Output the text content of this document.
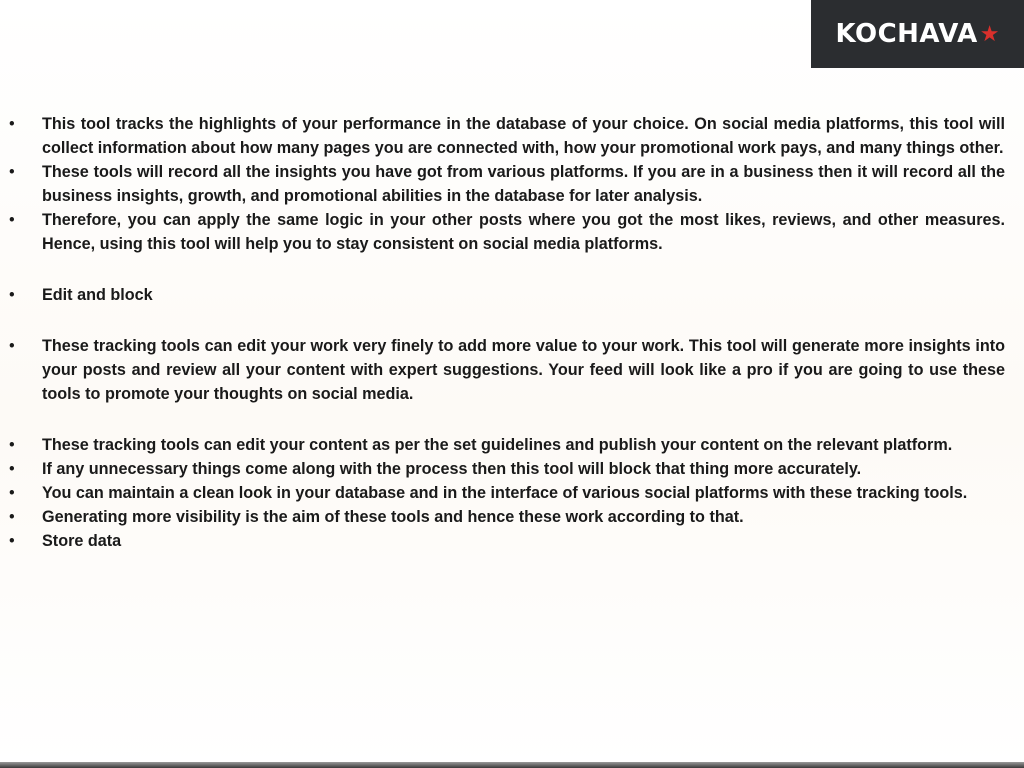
KOCHAVA ★
• This tool tracks the highlights of your performance in the database of your choice. On social media platforms, this tool will collect information about how many pages you are connected with, how your promotional work pays, and many things other.
• These tools will record all the insights you have got from various platforms. If you are in a business then it will record all the business insights, growth, and promotional abilities in the database for later analysis.
• Therefore, you can apply the same logic in your other posts where you got the most likes, reviews, and other measures. Hence, using this tool will help you to stay consistent on social media platforms.
• Edit and block
• These tracking tools can edit your work very finely to add more value to your work. This tool will generate more insights into your posts and review all your content with expert suggestions. Your feed will look like a pro if you are going to use these tools to promote your thoughts on social media.
• These tracking tools can edit your content as per the set guidelines and publish your content on the relevant platform.
• If any unnecessary things come along with the process then this tool will block that thing more accurately.
• You can maintain a clean look in your database and in the interface of various social platforms with these tracking tools.
• Generating more visibility is the aim of these tools and hence these work according to that.
• Store data
